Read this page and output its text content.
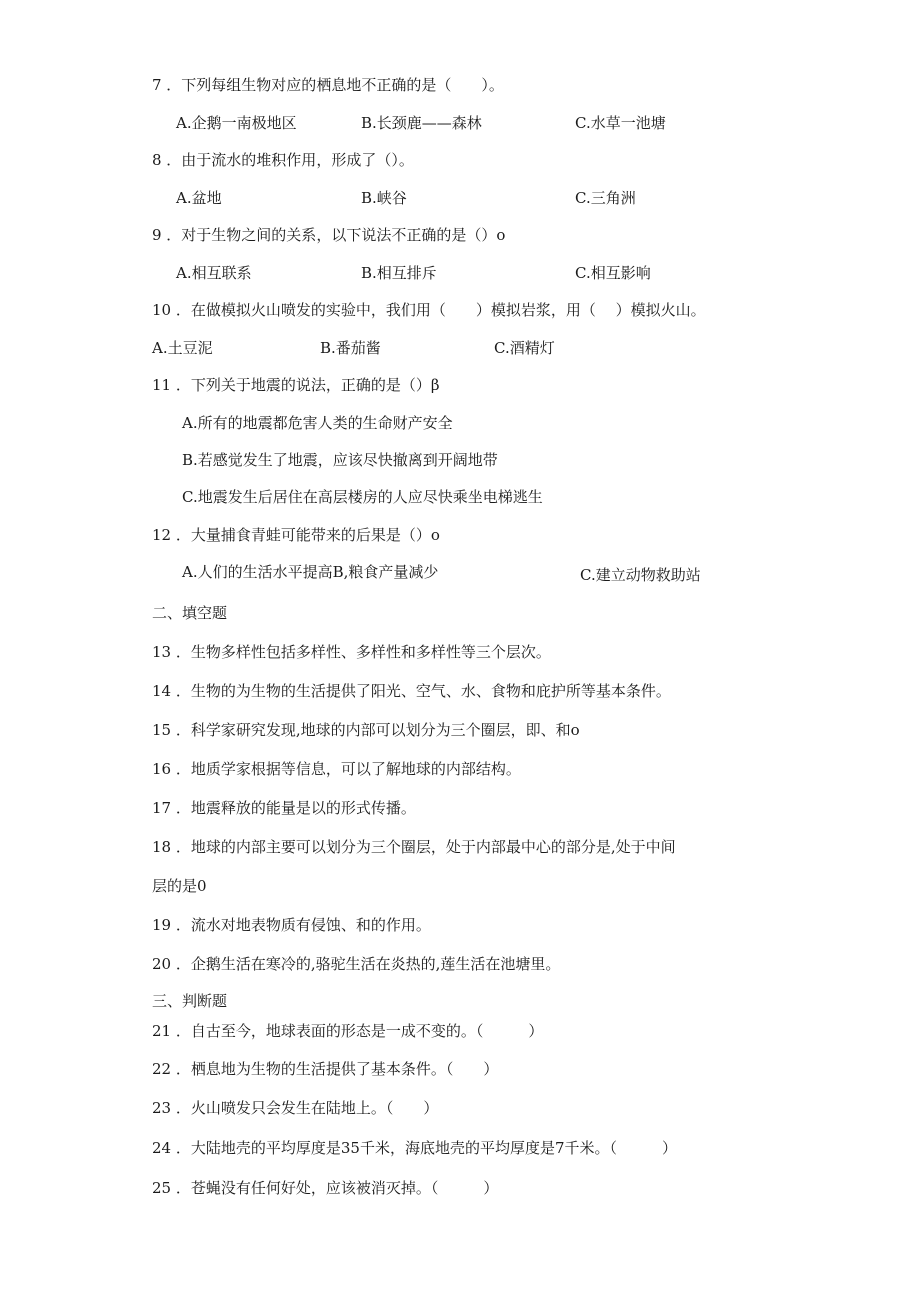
7 ．下列每组生物对应的栖息地不正确的是（　　）。
A.企鹅一南极地区	B.长颈鹿——森林	C.水草一池塘
8 ．由于流水的堆积作用，形成了（）。
A.盆地	B.峡谷	C.三角洲
9 ．对于生物之间的关系，以下说法不正确的是（）o
A.相互联系	B.相互排斥	C.相互影响
10 ．在做模拟火山喷发的实验中，我们用（　　）模拟岩浆，用（　 ）模拟火山。
A.土豆泥	B.番茄酱	C.酒精灯
11 ．下列关于地震的说法，正确的是（）β
A.所有的地震都危害人类的生命财产安全
B.若感觉发生了地震，应该尽快撤离到开阔地带
C.地震发生后居住在高层楼房的人应尽快乘坐电梯逃生
12 ．大量捕食青蛙可能带来的后果是（）o
A.人们的生活水平提高B,粮食产量减少	C.建立动物救助站
二、填空题
13 ．生物多样性包括多样性、多样性和多样性等三个层次。
14 ．生物的为生物的生活提供了阳光、空气、水、食物和庇护所等基本条件。
15 ．科学家研究发现,地球的内部可以划分为三个圈层，即、和o
16 ．地质学家根据等信息，可以了解地球的内部结构。
17 ．地震释放的能量是以的形式传播。
18 ．地球的内部主要可以划分为三个圈层，处于内部最中心的部分是,处于中间
层的是0
19 ．流水对地表物质有侵蚀、和的作用。
20 ．企鹅生活在寒冷的,骆驼生活在炎热的,莲生活在池塘里。
三、判断题
21 ．自古至今，地球表面的形态是一成不变的。（　　　）
22 ．栖息地为生物的生活提供了基本条件。（　　）
23 ．火山喷发只会发生在陆地上。（　　）
24 ．大陆地壳的平均厚度是35千米，海底地壳的平均厚度是7千米。（　　　）
25 ．苍蝇没有任何好处，应该被消灭掉。（　　　）
